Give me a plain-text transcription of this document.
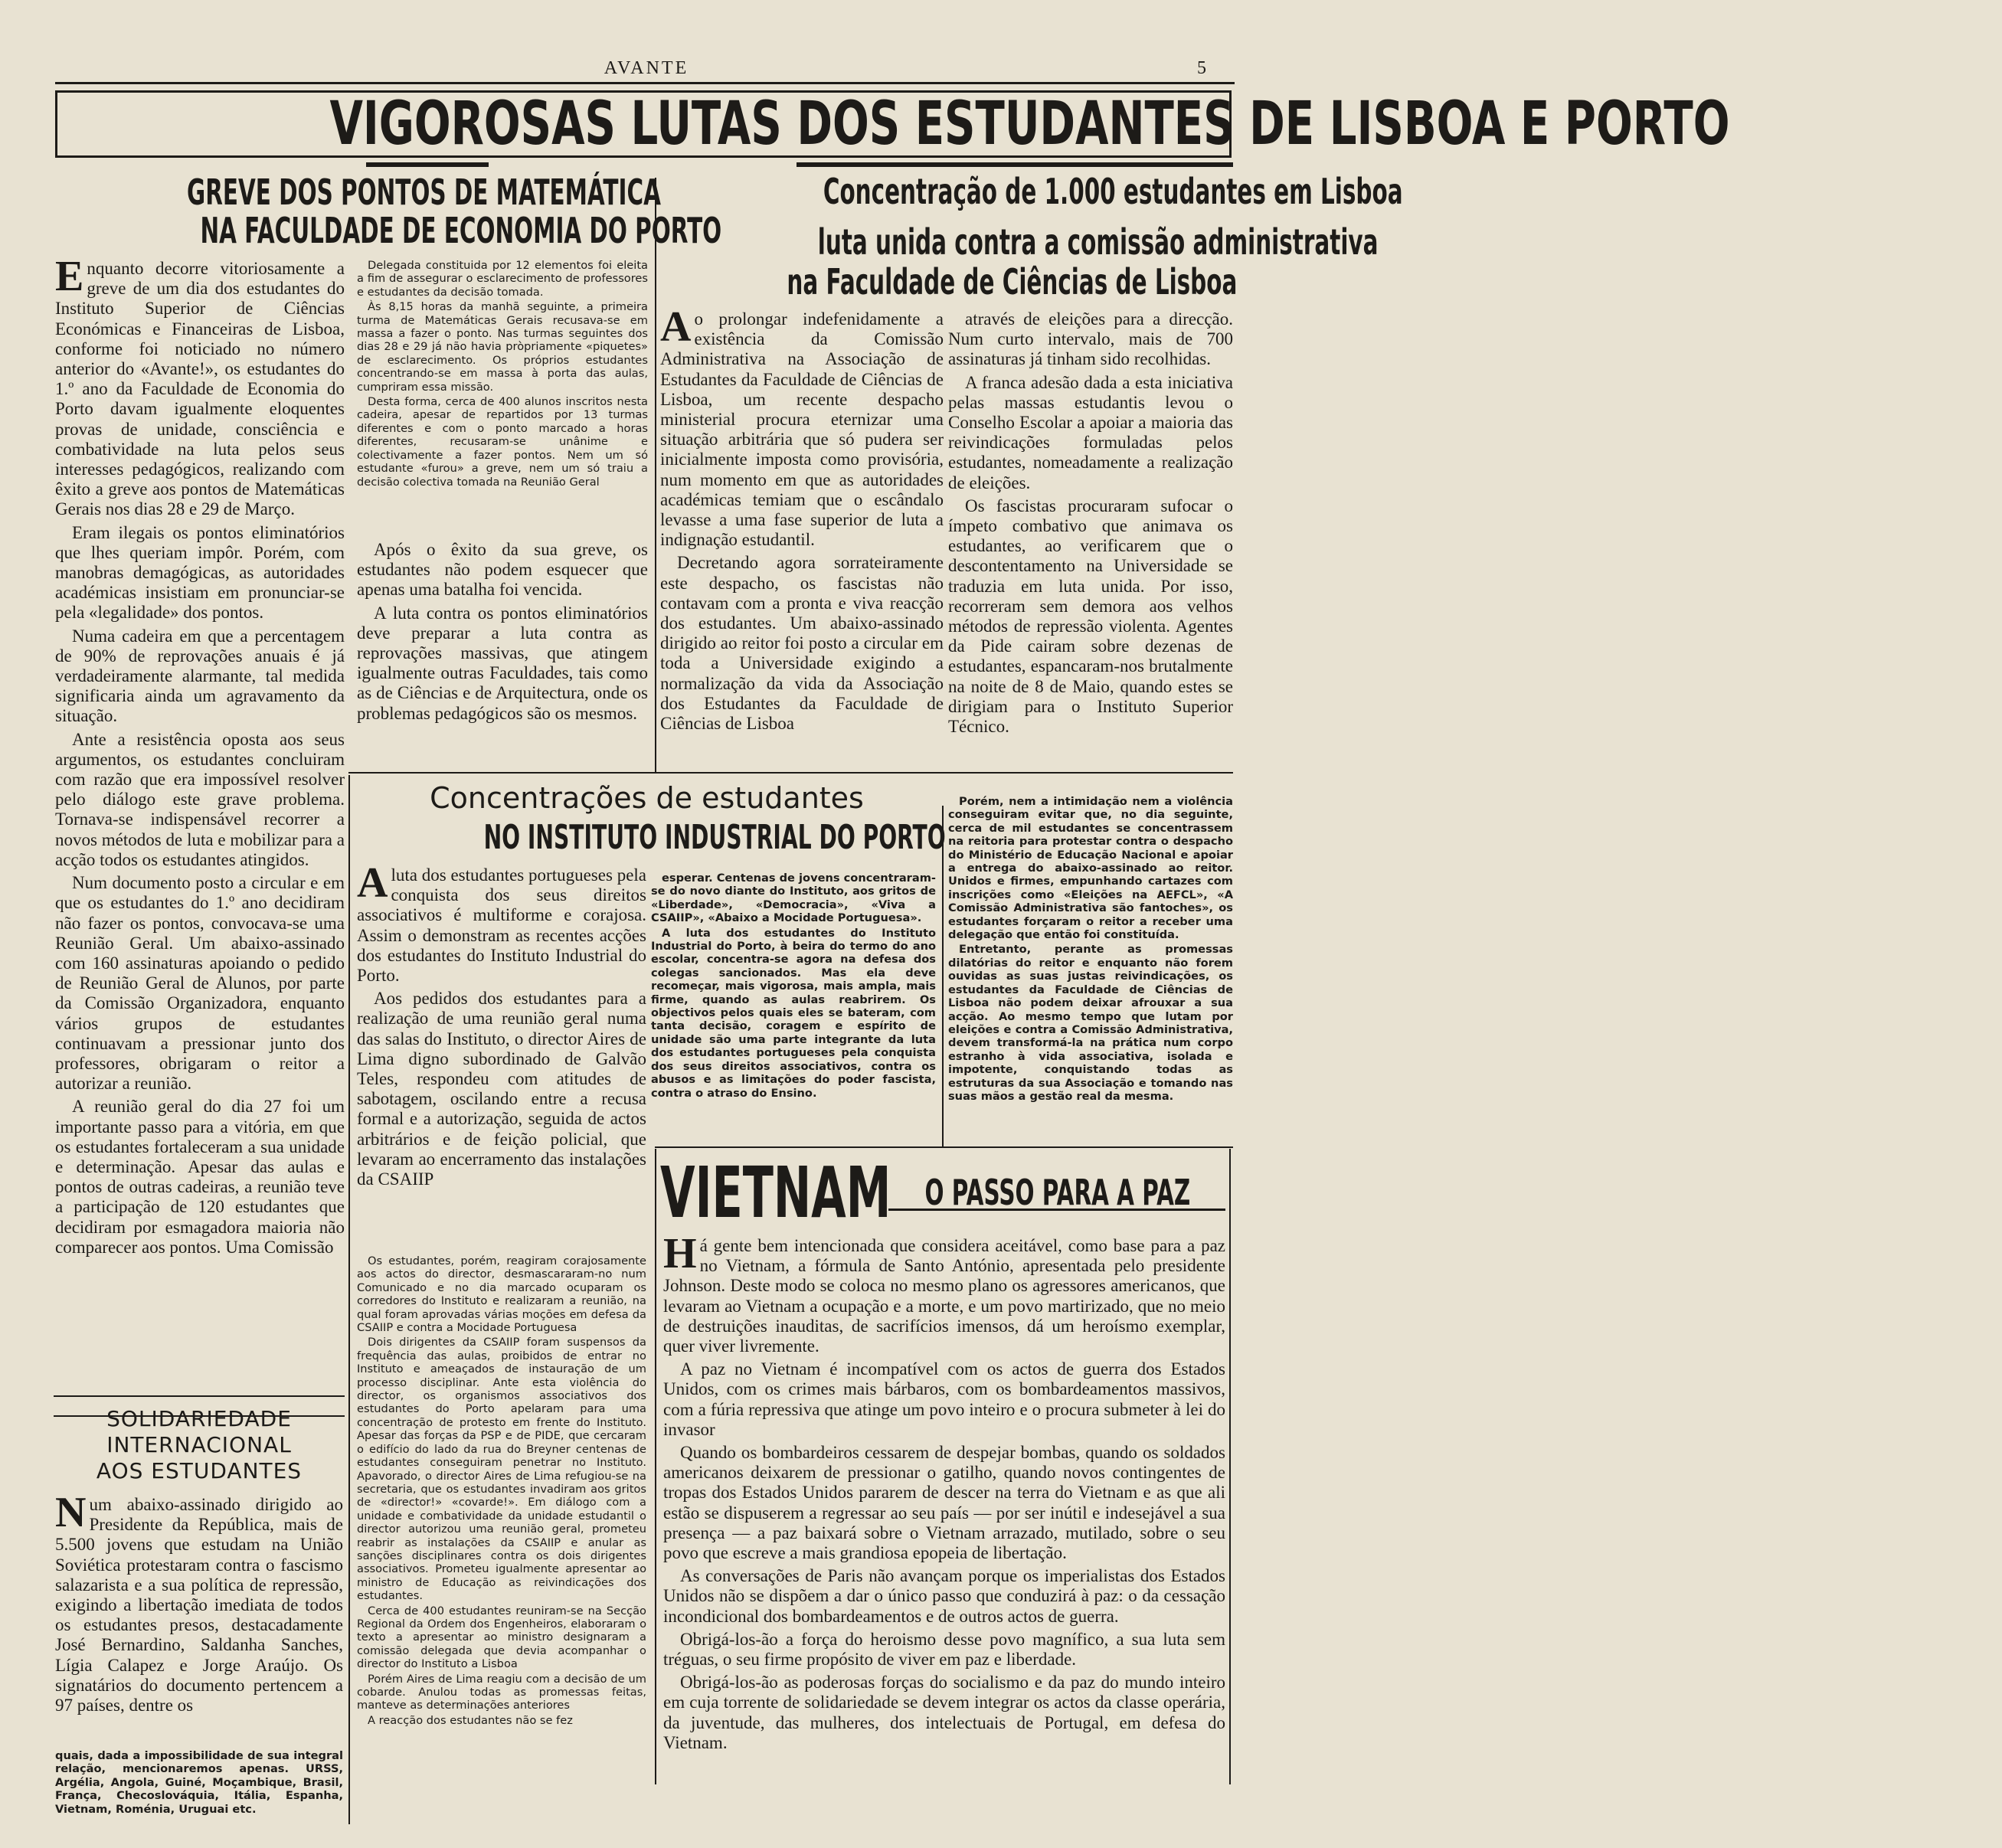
AVANTE	5
VIGOROSAS LUTAS DOS ESTUDANTES DE LISBOA E PORTO
GREVE DOS PONTOS DE MATEMÁTICA
NA FACULDADE DE ECONOMIA DO PORTO

Enquanto decorre vitoriosamente a greve de um dia dos estudantes do Instituto Superior de Ciências Económicas e Financeiras de Lisboa, conforme foi noticiado no número anterior do «Avante!», os estudantes do 1.º ano da Faculdade de Economia do Porto davam igualmente eloquentes provas de unidade, consciência e combatividade na luta pelos seus interesses pedagógicos, realizando com êxito a greve aos pontos de Matemáticas Gerais nos dias 28 e 29 de Março.

Eram ilegais os pontos eliminatórios que lhes queriam impôr. Porém, com manobras demagógicas, as autoridades académicas insistiam em pronunciar-se pela «legalidade» dos pontos.

Numa cadeira em que a percentagem de 90% de reprovações anuais é já verdadeiramente alarmante, tal medida significaria ainda um agravamento da situação.

Ante a resistência oposta aos seus argumentos, os estudantes concluiram com razão que era impossível resolver pelo diálogo este grave problema. Tornava-se indispensável recorrer a novos métodos de luta e mobilizar para a acção todos os estudantes atingidos.

Num documento posto a circular e em que os estudantes do 1.º ano decidiram não fazer os pontos, convocava-se uma Reunião Geral. Um abaixo-assinado com 160 assinaturas apoiando o pedido de Reunião Geral de Alunos, por parte da Comissão Organizadora, enquanto vários grupos de estudantes continuavam a pressionar junto dos professores, obrigaram o reitor a autorizar a reunião.

A reunião geral do dia 27 foi um importante passo para a vitória, em que os estudantes fortaleceram a sua unidade e determinação. Apesar das aulas e pontos de outras cadeiras, a reunião teve a participação de 120 estudantes que decidiram por esmagadora maioria não comparecer aos pontos. Uma Comissão

Delegada constituida por 12 elementos foi eleita a fim de assegurar o esclarecimento de professores e estudantes da decisão tomada.

Às 8,15 horas da manhã seguinte, a primeira turma de Matemáticas Gerais recusava-se em massa a fazer o ponto. Nas turmas seguintes dos dias 28 e 29 já não havia pròpriamente «piquetes» de esclarecimento. Os próprios estudantes concentrando-se em massa à porta das aulas, cumpriram essa missão.

Desta forma, cerca de 400 alunos inscritos nesta cadeira, apesar de repartidos por 13 turmas diferentes e com o ponto marcado a horas diferentes, recusaram-se unânime e colectivamente a fazer pontos. Nem um só estudante «furou» a greve, nem um só traiu a decisão colectiva tomada na Reunião Geral

Após o êxito da sua greve, os estudantes não podem esquecer que apenas uma batalha foi vencida.

A luta contra os pontos eliminatórios deve preparar a luta contra as reprovações massivas, que atingem igualmente outras Faculdades, tais como as de Ciências e de Arquitectura, onde os problemas pedagógicos são os mesmos.

SOLIDARIEDADE
INTERNACIONAL
AOS ESTUDANTES

Num abaixo-assinado dirigido ao Presidente da República, mais de 5.500 jovens que estudam na União Soviética protestaram contra o fascismo salazarista e a sua política de repressão, exigindo a libertação imediata de todos os estudantes presos, destacadamente José Bernardino, Saldanha Sanches, Lígia Calapez e Jorge Araújo. Os signatários do documento pertencem a 97 países, dentre os

quais, dada a impossibilidade de sua integral relação, mencionaremos apenas. URSS, Argélia, Angola, Guiné, Moçambique, Brasil, França, Checoslováquia, Itália, Espanha, Vietnam, Roménia, Uruguai etc.

Concentração de 1.000 estudantes em Lisboa
luta unida contra a comissão administrativa
na Faculdade de Ciências de Lisboa

Ao prolongar indefenidamente a existência da Comissão Administrativa na Associação de Estudantes da Faculdade de Ciências de Lisboa, um recente despacho ministerial procura eternizar uma situação arbitrária que só pudera ser inicialmente imposta como provisória, num momento em que as autoridades académicas temiam que o escândalo levasse a uma fase superior de luta a indignação estudantil.

Decretando agora sorrateiramente este despacho, os fascistas não contavam com a pronta e viva reacção dos estudantes. Um abaixo-assinado dirigido ao reitor foi posto a circular em toda a Universidade exigindo a normalização da vida da Associação dos Estudantes da Faculdade de Ciências de Lisboa

através de eleições para a direcção. Num curto intervalo, mais de 700 assinaturas já tinham sido recolhidas.

A franca adesão dada a esta iniciativa pelas massas estudantis levou o Conselho Escolar a apoiar a maioria das reivindicações formuladas pelos estudantes, nomeadamente a realização de eleições.

Os fascistas procuraram sufocar o ímpeto combativo que animava os estudantes, ao verificarem que o descontentamento na Universidade se traduzia em luta unida. Por isso, recorreram sem demora aos velhos métodos de repressão violenta. Agentes da Pide cairam sobre dezenas de estudantes, espancaram-nos brutalmente na noite de 8 de Maio, quando estes se dirigiam para o Instituto Superior Técnico.

Porém, nem a intimidação nem a violência conseguiram evitar que, no dia seguinte, cerca de mil estudantes se concentrassem na reitoria para protestar contra o despacho do Ministério de Educação Nacional e apoiar a entrega do abaixo-assinado ao reitor. Unidos e firmes, empunhando cartazes com inscrições como «Eleições na AEFCL», «A Comissão Administrativa são fantoches», os estudantes forçaram o reitor a receber uma delegação que então foi constituída.

Entretanto, perante as promessas dilatórias do reitor e enquanto não forem ouvidas as suas justas reivindicações, os estudantes da Faculdade de Ciências de Lisboa não podem deixar afrouxar a sua acção. Ao mesmo tempo que lutam por eleições e contra a Comissão Administrativa, devem transformá-la na prática num corpo estranho à vida associativa, isolada e impotente, conquistando todas as estruturas da sua Associação e tomando nas suas mãos a gestão real da mesma.

Concentrações de estudantes
NO INSTITUTO INDUSTRIAL DO PORTO

Aluta dos estudantes portugueses pela conquista dos seus direitos associativos é multiforme e corajosa. Assim o demonstram as recentes acções dos estudantes do Instituto Industrial do Porto.

Aos pedidos dos estudantes para a realização de uma reunião geral numa das salas do Instituto, o director Aires de Lima digno subordinado de Galvão Teles, respondeu com atitudes de sabotagem, oscilando entre a recusa formal e a autorização, seguida de actos arbitrários e de feição policial, que levaram ao encerramento das instalações da CSAIIP

Os estudantes, porém, reagiram corajosamente aos actos do director, desmascararam-no num Comunicado e no dia marcado ocuparam os corredores do Instituto e realizaram a reunião, na qual foram aprovadas várias moções em defesa da CSAIIP e contra a Mocidade Portuguesa

Dois dirigentes da CSAIIP foram suspensos da frequência das aulas, proibidos de entrar no Instituto e ameaçados de instauração de um processo disciplinar. Ante esta violência do director, os organismos associativos dos estudantes do Porto apelaram para uma concentração de protesto em frente do Instituto. Apesar das forças da PSP e de PIDE, que cercaram o edifício do lado da rua do Breyner centenas de estudantes conseguiram penetrar no Instituto. Apavorado, o director Aires de Lima refugiou-se na secretaria, que os estudantes invadiram aos gritos de «director!» «covarde!». Em diálogo com a unidade e combatividade da unidade estudantil o director autorizou uma reunião geral, prometeu reabrir as instalações da CSAIIP e anular as sanções disciplinares contra os dois dirigentes associativos. Prometeu igualmente apresentar ao ministro de Educação as reivindicações dos estudantes.

Cerca de 400 estudantes reuniram-se na Secção Regional da Ordem dos Engenheiros, elaboraram o texto a apresentar ao ministro designaram a comissão delegada que devia acompanhar o director do Instituto a Lisboa

Porém Aires de Lima reagiu com a decisão de um cobarde. Anulou todas as promessas feitas, manteve as determinações anteriores

A reacção dos estudantes não se fez

esperar. Centenas de jovens concentraram-se do novo diante do Instituto, aos gritos de «Liberdade», «Democracia», «Viva a CSAIIP», «Abaixo a Mocidade Portuguesa».

A luta dos estudantes do Instituto Industrial do Porto, à beira do termo do ano escolar, concentra-se agora na defesa dos colegas sancionados. Mas ela deve recomeçar, mais vigorosa, mais ampla, mais firme, quando as aulas reabrirem. Os objectivos pelos quais eles se bateram, com tanta decisão, coragem e espírito de unidade são uma parte integrante da luta dos estudantes portugueses pela conquista dos seus direitos associativos, contra os abusos e as limitações do poder fascista, contra o atraso do Ensino.

VIETNAM O PASSO PARA A PAZ

Há gente bem intencionada que considera aceitável, como base para a paz no Vietnam, a fórmula de Santo António, apresentada pelo presidente Johnson. Deste modo se coloca no mesmo plano os agressores americanos, que levaram ao Vietnam a ocupação e a morte, e um povo martirizado, que no meio de destruições inauditas, de sacrifícios imensos, dá um heroísmo exemplar, quer viver livremente.

A paz no Vietnam é incompatível com os actos de guerra dos Estados Unidos, com os crimes mais bárbaros, com os bombardeamentos massivos, com a fúria repressiva que atinge um povo inteiro e o procura submeter à lei do invasor

Quando os bombardeiros cessarem de despejar bombas, quando os soldados americanos deixarem de pressionar o gatilho, quando novos contingentes de tropas dos Estados Unidos pararem de descer na terra do Vietnam e as que ali estão se dispuserem a regressar ao seu país — por ser inútil e indesejável a sua presença — a paz baixará sobre o Vietnam arrazado, mutilado, sobre o seu povo que escreve a mais grandiosa epopeia de libertação.

As conversações de Paris não avançam porque os imperialistas dos Estados Unidos não se dispõem a dar o único passo que conduzirá à paz: o da cessação incondicional dos bombardeamentos e de outros actos de guerra.

Obrigá-los-ão a força do heroismo desse povo magnífico, a sua luta sem tréguas, o seu firme propósito de viver em paz e liberdade.

Obrigá-los-ão as poderosas forças do socialismo e da paz do mundo inteiro em cuja torrente de solidariedade se devem integrar os actos da classe operária, da juventude, das mulheres, dos intelectuais de Portugal, em defesa do Vietnam.
